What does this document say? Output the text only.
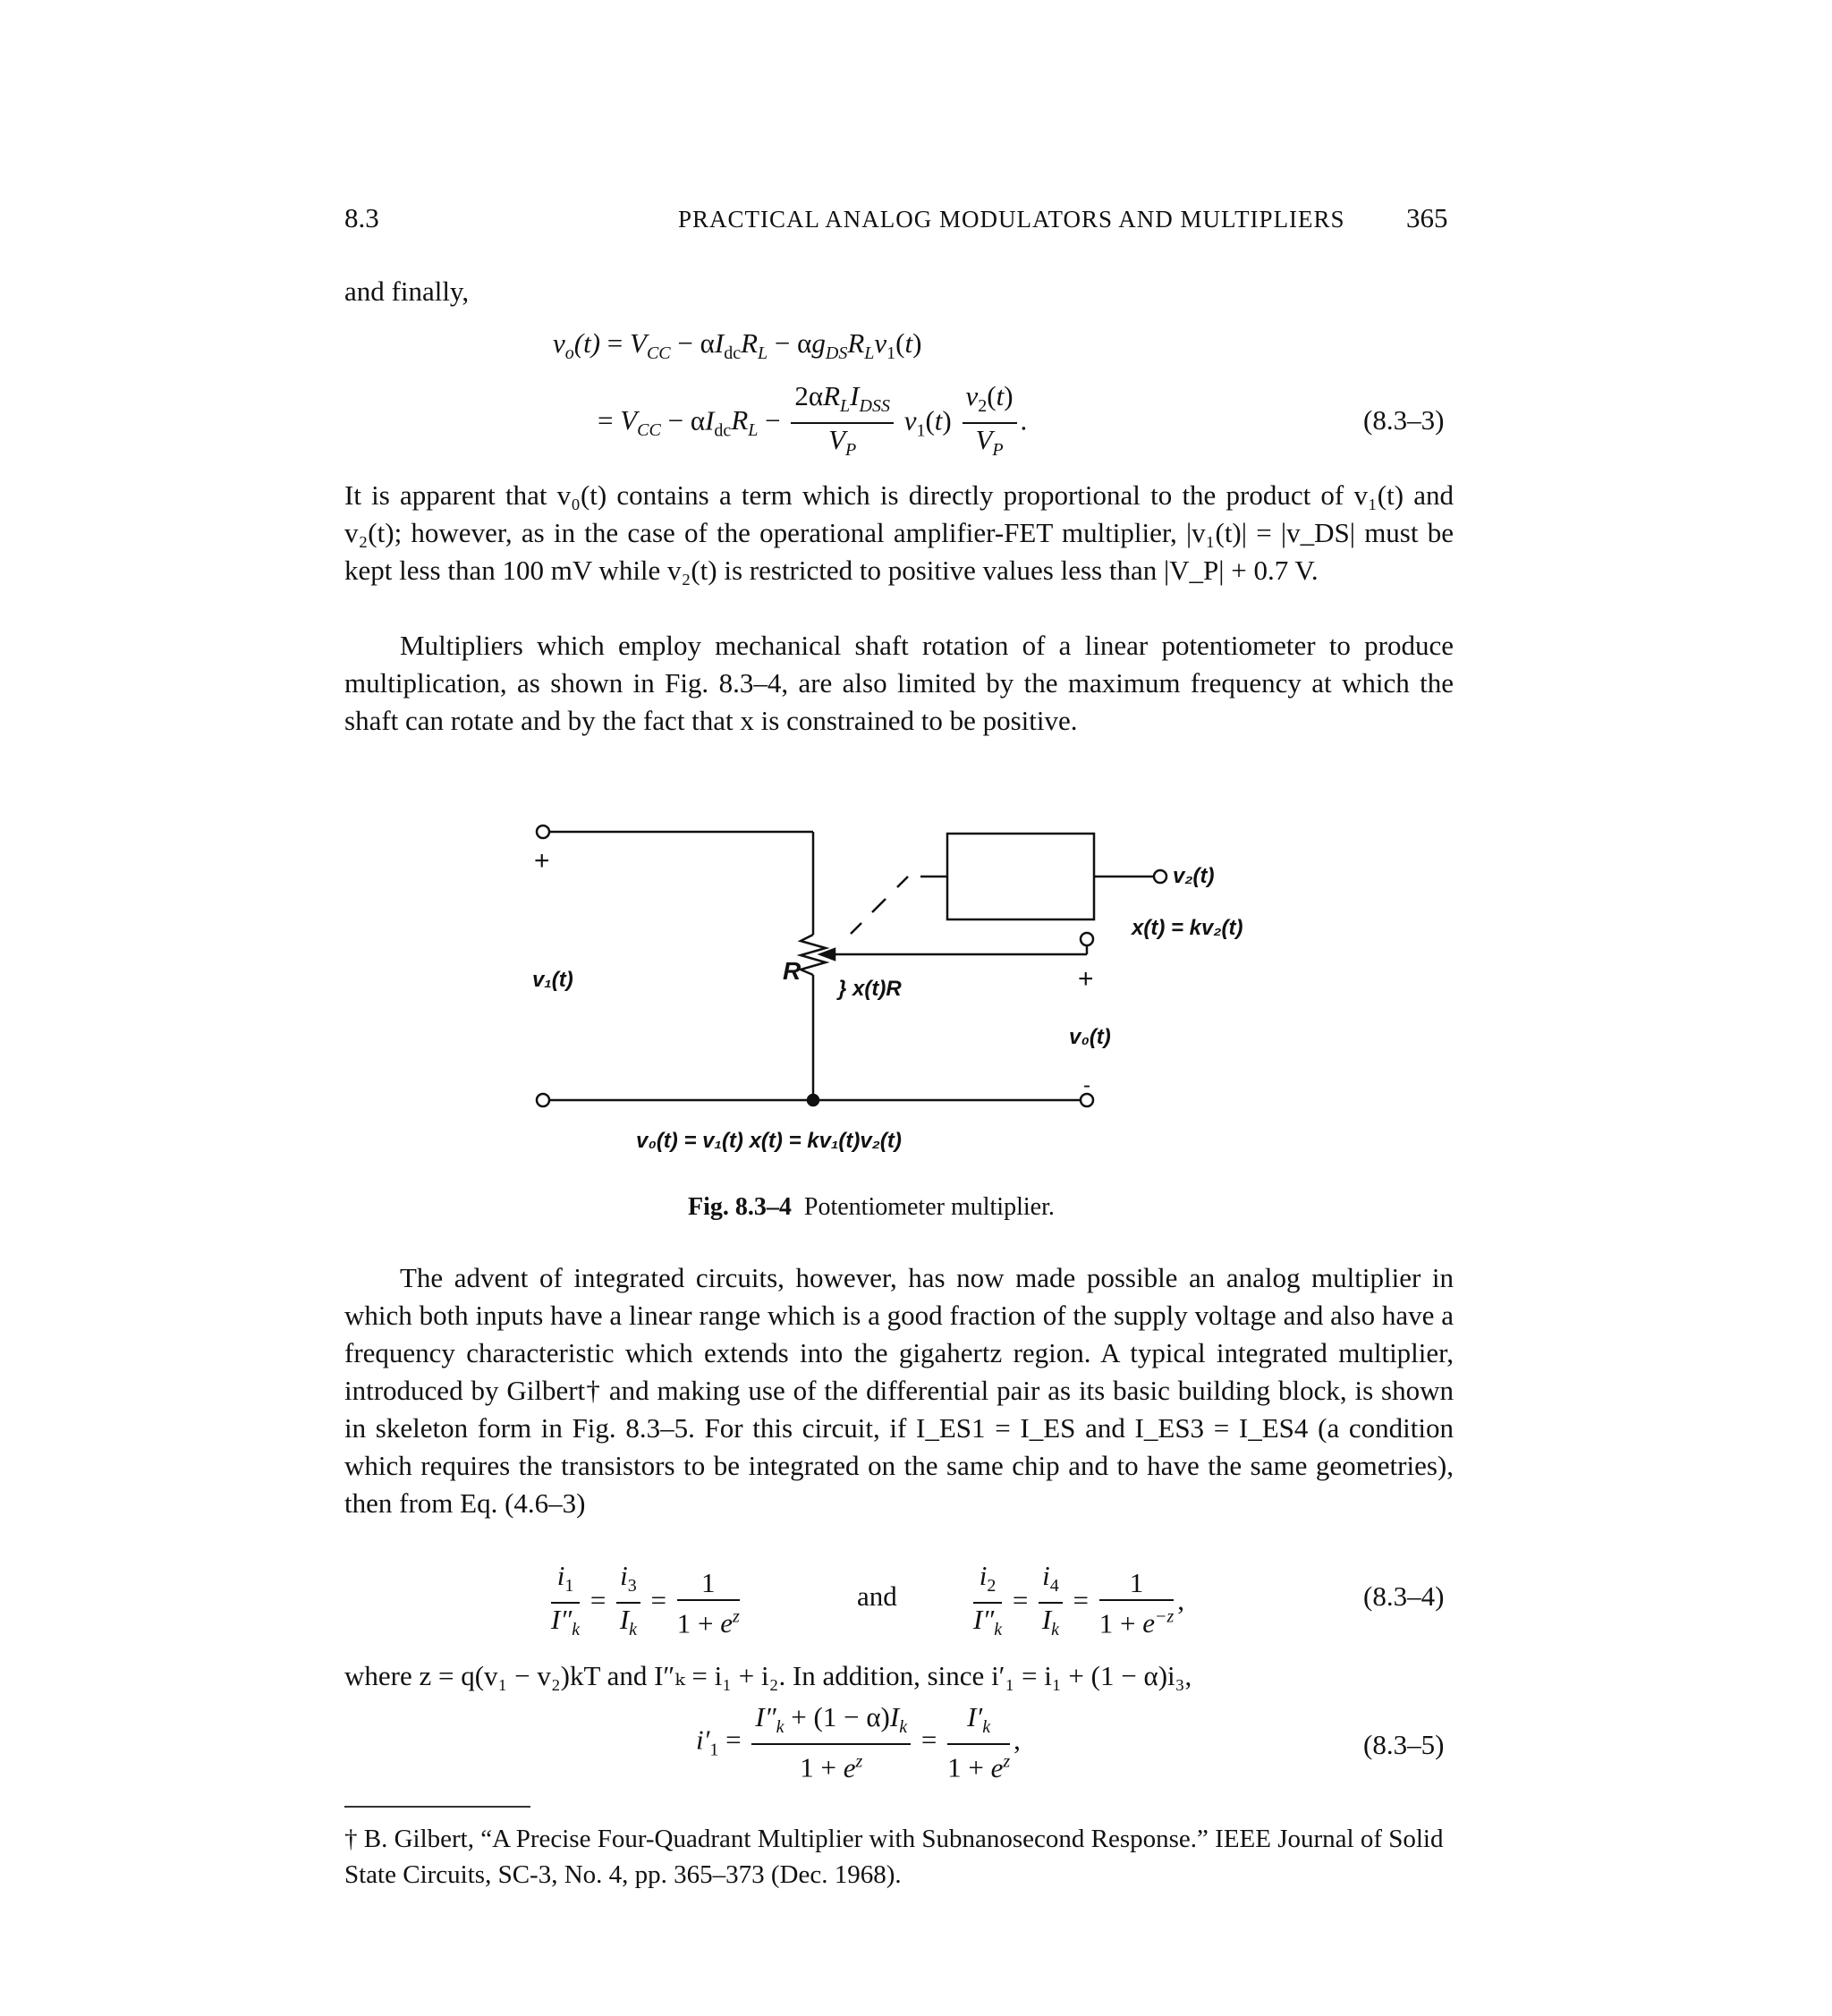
8.3	PRACTICAL ANALOG MODULATORS AND MULTIPLIERS 365
and finally,
$v_o(t) = V_{CC} - \alpha I_{dc}R_L - \alpha g_{DS}R_Lv_1(t)$
= $V_{CC} - \alpha I_{dc}R_L - \frac{2\alpha R_LI_{DSS}}{V_P} v_1(t) \frac{v_2(t)}{V_P}$ .	(8.3–3)

It is apparent that v₀(t) contains a term which is directly proportional to the product of v₁(t) and v₂(t); however, as in the case of the operational amplifier-FET multiplier, |v₁(t)| = |v_DS| must be kept less than 100 mV while v₂(t) is restricted to positive values less than |V_P| + 0.7 V.

Multipliers which employ mechanical shaft rotation of a linear potentiometer to produce multiplication, as shown in Fig. 8.3–4, are also limited by the maximum frequency at which the shaft can rotate and by the fact that x is constrained to be positive.

+
v₁(t)	R
} x(t)R
v₂(t)
x(t) = kv₂(t)
+
v₀(t)
-
v₀(t) = v₁(t) x(t) = kv₁(t)v₂(t)
Fig. 8.3–4 Potentiometer multiplier.

The advent of integrated circuits, however, has now made possible an analog multiplier in which both inputs have a linear range which is a good fraction of the supply voltage and also have a frequency characteristic which extends into the gigahertz region. A typical integrated multiplier, introduced by Gilbert† and making use of the differential pair as its basic building block, is shown in skeleton form in Fig. 8.3–5. For this circuit, if I_ES1 = I_ES and I_ES3 = I_ES4 (a condition which requires the transistors to be integrated on the same chip and to have the same geometries), then from Eq. (4.6–3)

$\frac{i_1}{I''_k} = \frac{i_3}{I_k} = \frac{1}{1 + e^z}$	and	$\frac{i_2}{I''_k} = \frac{i_4}{I_k} = \frac{1}{1 + e^{-z}}$ ,	(8.3–4)

where z = q(v₁ − v₂)kT and I″ₖ = i₁ + i₂. In addition, since i′₁ = i₁ + (1 − α)i₃,

$i'_1 = \frac{I''_k + (1 - \alpha)I_k}{1 + e^z} = \frac{I'_k}{1 + e^z}$ ,	(8.3–5)
† B. Gilbert, “A Precise Four-Quadrant Multiplier with Subnanosecond Response.” IEEE Journal of Solid State Circuits, SC-3, No. 4, pp. 365–373 (Dec. 1968).
